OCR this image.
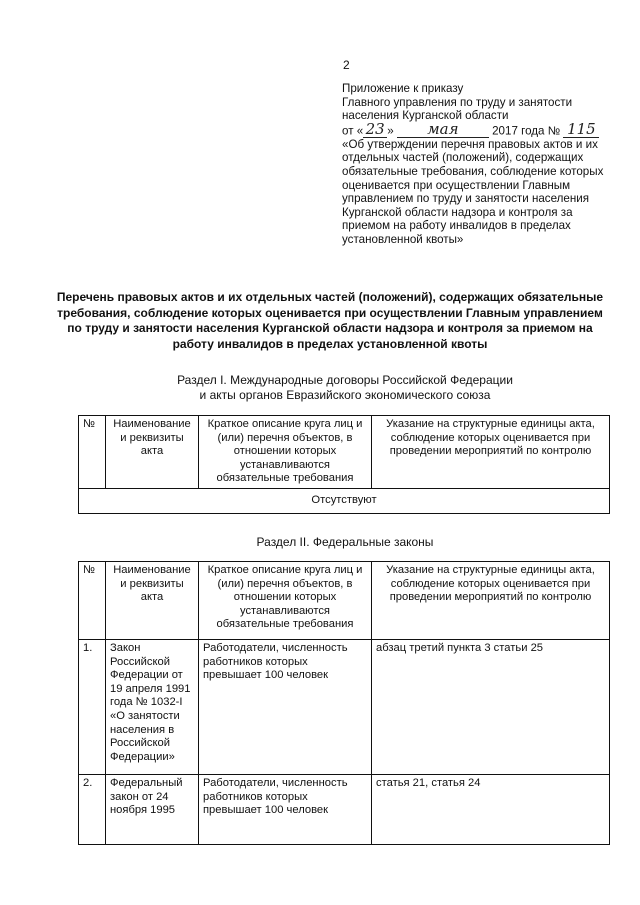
2
Приложение к приказу
Главного управления по труду и занятости
населения Курганской области
от « 23 » мая	2017 года № 115
«Об утверждении перечня правовых актов и их отдельных частей (положений), содержащих обязательные требования, соблюдение которых оценивается при осуществлении Главным управлением по труду и занятости населения Курганской области надзора и контроля за приемом на работу инвалидов в пределах установленной квоты»
Перечень правовых актов и их отдельных частей (положений), содержащих обязательные требования, соблюдение которых оценивается при осуществлении Главным управлением по труду и занятости населения Курганской области надзора и контроля за приемом на работу инвалидов в пределах установленной квоты
Раздел I. Международные договоры Российской Федерации
и акты органов Евразийского экономического союза
№	Наименование и реквизиты акта	Краткое описание круга лиц и (или) перечня объектов, в отношении которых устанавливаются обязательные требования	Указание на структурные единицы акта, соблюдение которых оценивается при проведении мероприятий по контролю
Отсутствуют
Раздел II. Федеральные законы
№	Наименование и реквизиты акта	Краткое описание круга лиц и (или) перечня объектов, в отношении которых устанавливаются обязательные требования	Указание на структурные единицы акта, соблюдение которых оценивается при проведении мероприятий по контролю
1.	Закон Российской Федерации от 19 апреля 1991 года № 1032-I «О занятости населения в Российской Федерации»	Работодатели, численность работников которых превышает 100 человек	абзац третий пункта 3 статьи 25
2.	Федеральный закон от 24 ноября 1995	Работодатели, численность работников которых превышает 100 человек	статья 21, статья 24
